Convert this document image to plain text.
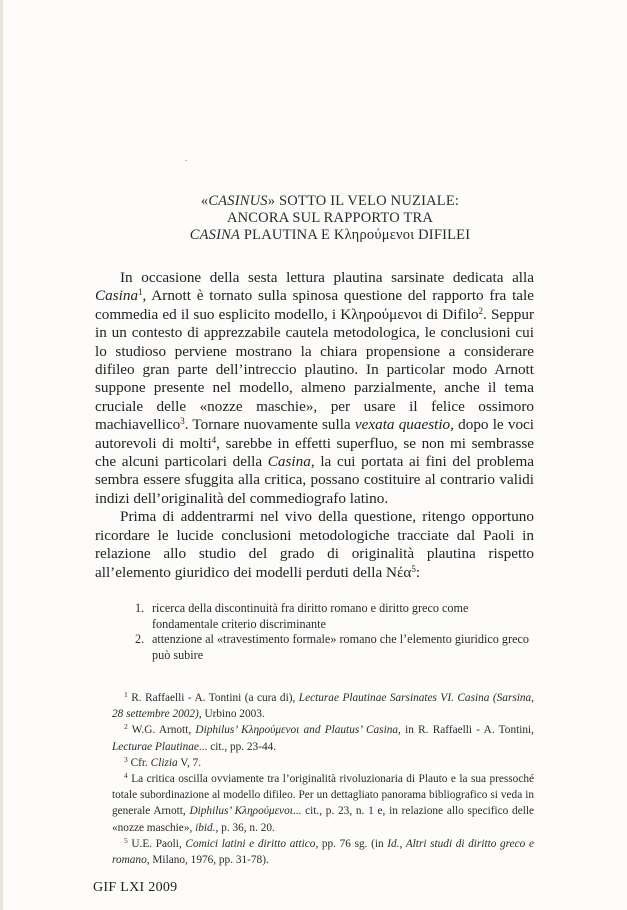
«CASINUS» SOTTO IL VELO NUZIALE:
ANCORA SUL RAPPORTO TRA
CASINA PLAUTINA E Κληρούμενοι DIFILEI

In occasione della sesta lettura plautina sarsinate dedicata alla Casina$^1$, Arnott è tornato sulla spinosa questione del rapporto fra tale commedia ed il suo esplicito modello, i Κληρούμενοι di Difilo$^2$. Seppur in un contesto di apprezzabile cautela metodologica, le conclusioni cui lo studioso perviene mostrano la chiara propensione a considerare difileo gran parte dell’intreccio plautino. In particolar modo Arnott suppone presente nel modello, almeno parzialmente, anche il tema cruciale delle «nozze maschie», per usare il felice ossimoro machiavellico$^3$. Tornare nuovamente sulla vexata quaestio, dopo le voci autorevoli di molti$^4$, sarebbe in effetti superfluo, se non mi sembrasse che alcuni particolari della Casina, la cui portata ai fini del problema sembra essere sfuggita alla critica, possano costituire al contrario validi indizi dell’originalità del commediografo latino.

Prima di addentrarmi nel vivo della questione, ritengo opportuno ricordare le lucide conclusioni metodologiche tracciate dal Paoli in relazione allo studio del grado di originalità plautina rispetto all’elemento giuridico dei modelli perduti della Νέα$^5$:

1. ricerca della discontinuità fra diritto romano e diritto greco come fondamentale criterio discriminante
2. attenzione al «travestimento formale» romano che l’elemento giuridico greco può subire
$^1$ R. Raffaelli - A. Tontini (a cura di), Lecturae Plautinae Sarsinates VI. Casina (Sarsina, 28 settembre 2002), Urbino 2003.
$^2$ W.G. Arnott, Diphilus’ Κληρούμενοι and Plautus’ Casina, in R. Raffaelli - A. Tontini, Lecturae Plautinae... cit., pp. 23-44.
$^3$ Cfr. Clizia V, 7.
$^4$ La critica oscilla ovviamente tra l’originalità rivoluzionaria di Plauto e la sua pressoché totale subordinazione al modello difileo. Per un dettagliato panorama bibliografico si veda in generale Arnott, Diphilus’ Κληρούμενοι... cit., p. 23, n. 1 e, in relazione allo specifico delle «nozze maschie», ibid., p. 36, n. 20.
$^5$ U.E. Paoli, Comici latini e diritto attico, pp. 76 sg. (in Id., Altri studi di diritto greco e romano, Milano, 1976, pp. 31-78).
GIF LXI 2009
